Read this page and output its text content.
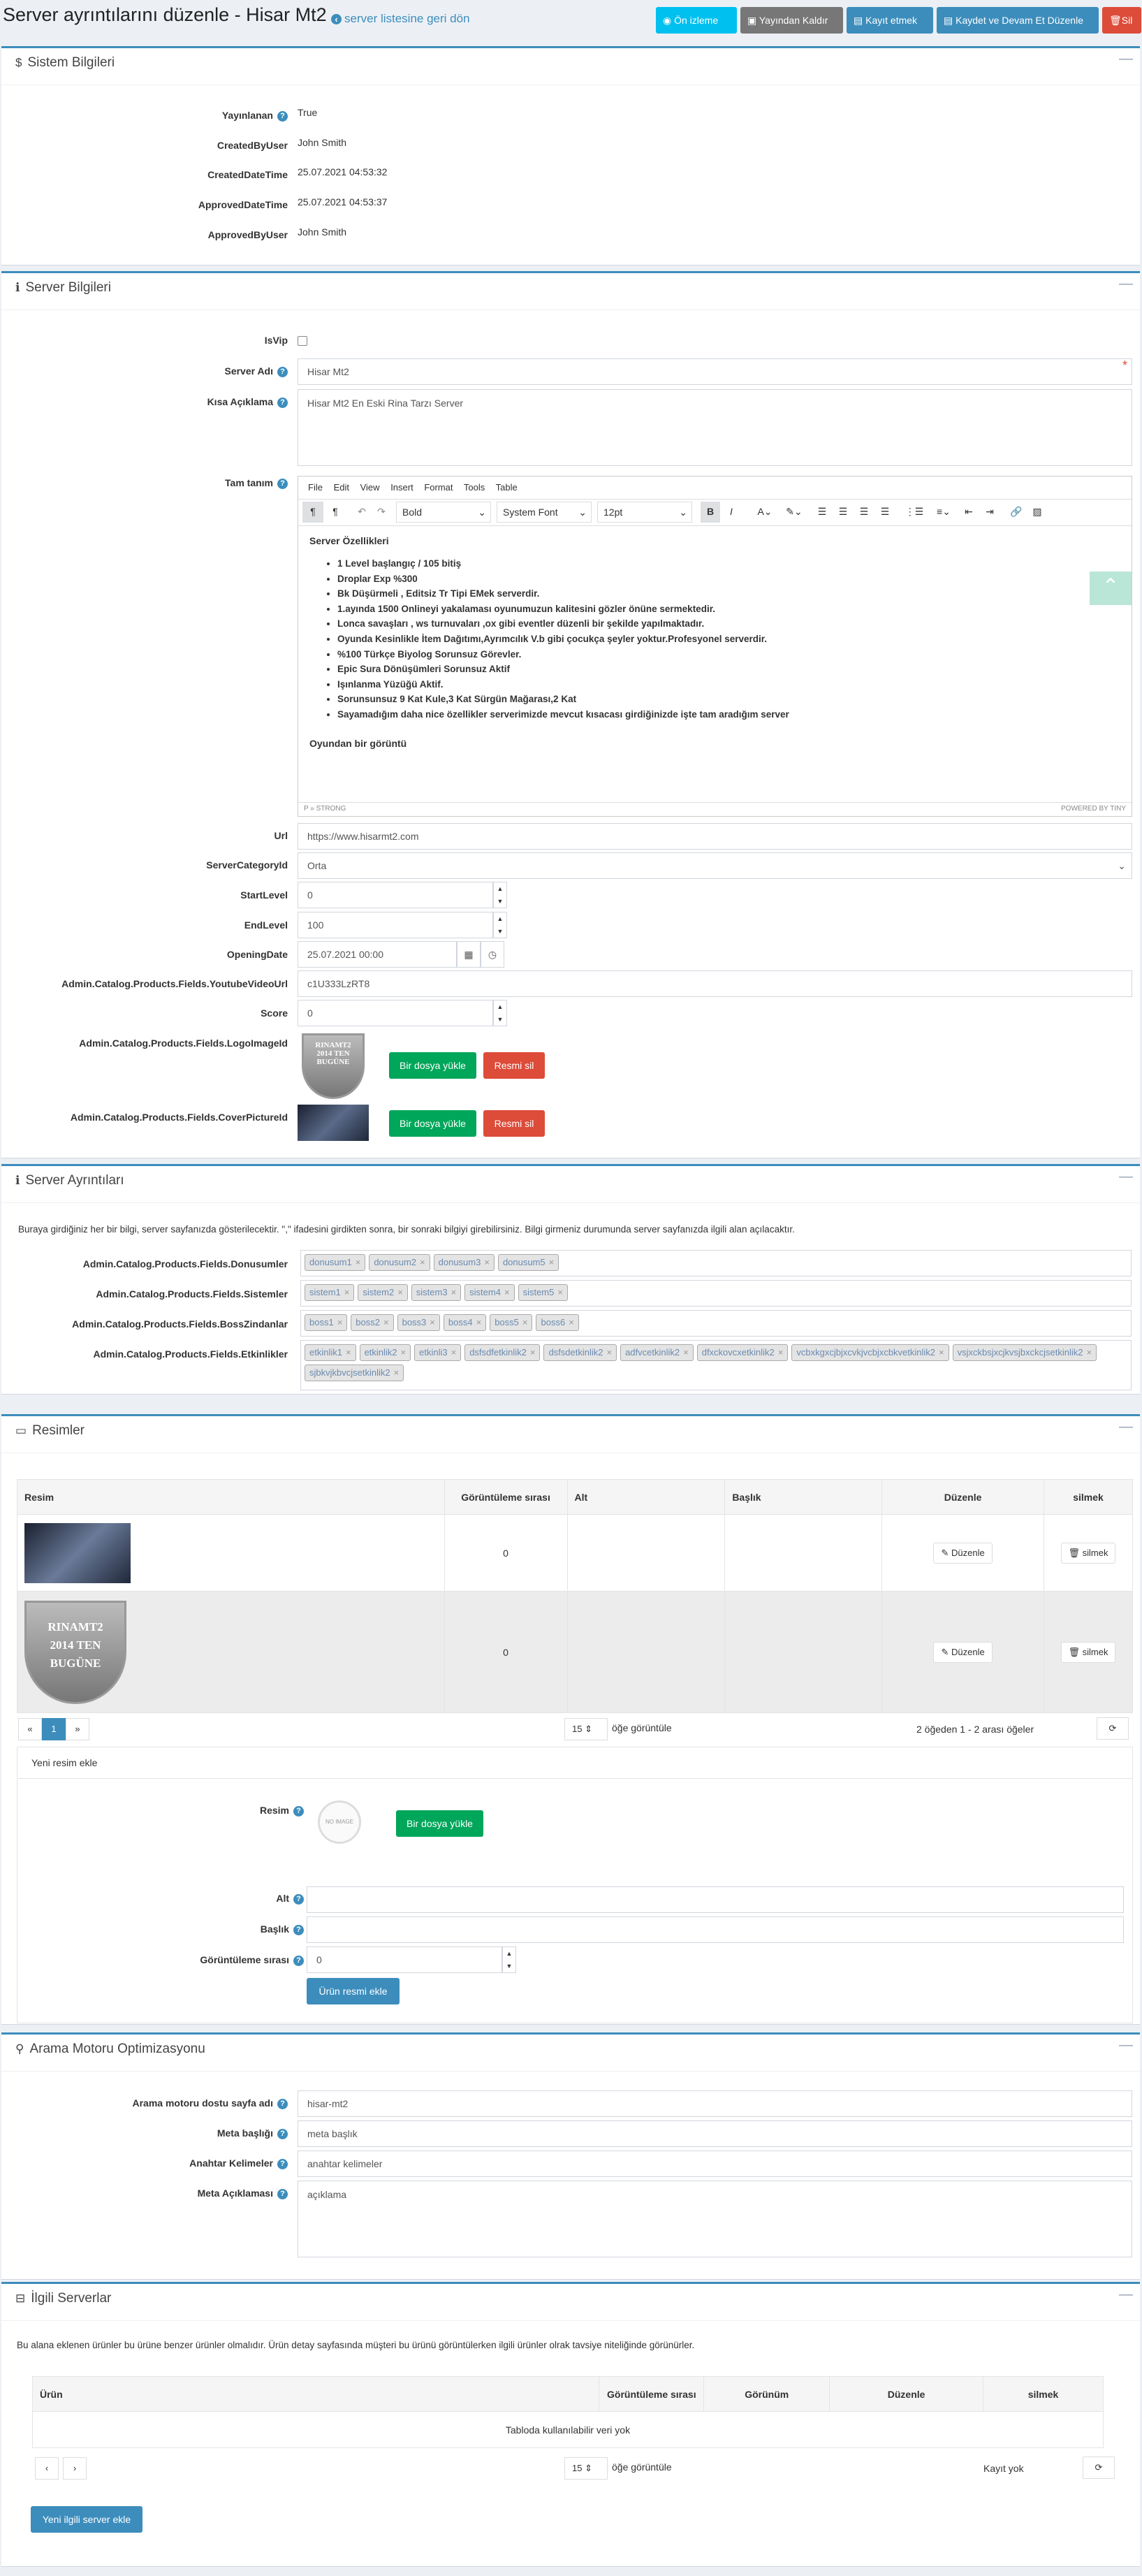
Server ayrıntılarını düzenle - Hisar Mt2 ‹ server listesine geri dön	◉ Ön izleme	▣ Yayından Kaldır	▤ Kayıt etmek	▤ Kaydet ve Devam Et Düzenle	🗑Sil
$ Sistem Bilgileri	—
Yayınlanan ? True
CreatedByUser John Smith
CreatedDateTime 25.07.2021 04:53:32
ApprovedDateTime 25.07.2021 04:53:37
ApprovedByUser John Smith
ℹ Server Bilgileri	—
IsVip
Server Adı ?	Hisar Mt2	*
Kısa Açıklama ?	Hisar Mt2 En Eski Rina Tarzı Server
Tam tanım ?	File Edit View Insert Format Tools Table
¶	¶	↶	↷	Bold	⌄	System Font ⌄	12pt	⌄	B	I	A⌄	✎⌄	☰	☰	☰	☰	⋮☰	≡⌄	⇤	⇥	🔗	▨
Server Özellikleri
• 1 Level başlangıç / 105 bitiş
• Droplar Exp %300
• Bk Düşürmeli , Editsiz Tr Tipi EMek serverdir.
• 1.ayında 1500 Onlineyi yakalaması oyunumuzun kalitesini gözler önüne sermektedir.
• Lonca savaşları , ws turnuvaları ,ox gibi eventler düzenli bir şekilde yapılmaktadır.
• Oyunda Kesinlikle İtem Dağıtımı,Ayrımcılık V.b gibi çocukça şeyler yoktur.Profesyonel serverdir.
• %100 Türkçe Biyolog Sorunsuz Görevler.
• Epic Sura Dönüşümleri Sorunsuz Aktif
• Işınlanma Yüzüğü Aktif.
• Sorunsunsuz 9 Kat Kule,3 Kat Sürgün Mağarası,2 Kat
• Sayamadığım daha nice özellikler serverimizde mevcut kısacası girdiğinizde işte tam aradığım server
Oyundan bir görüntü
⌃
P » STRONG	POWERED BY TINY
Url	https://www.hisarmt2.com
ServerCategoryId	Orta	⌄
StartLevel	0
▲
▼
EndLevel	100
▲
▼
OpeningDate	25.07.2021 00:00	▦	◷
Admin.Catalog.Products.Fields.YoutubeVideoUrl	c1U333LzRT8
Score	0
▲
▼
Admin.Catalog.Products.Fields.LogoImageId	RINAMT2
2014 TEN
BUGÜNE	Bir dosya yükle	Resmi sil
Admin.Catalog.Products.Fields.CoverPictureId
Bir dosya yükle	Resmi sil
ℹ Server Ayrıntıları	—
Buraya girdiğiniz her bir bilgi, server sayfanızda gösterilecektir. "," ifadesini girdikten sonra, bir sonraki bilgiyi girebilirsiniz. Bilgi girmeniz durumunda server sayfanızda ilgili alan açılacaktır.
Admin.Catalog.Products.Fields.Donusumler	donusum1 × donusum2 × donusum3 × donusum5 ×
Admin.Catalog.Products.Fields.Sistemler	sistem1 × sistem2 × sistem3 × sistem4 × sistem5 ×
Admin.Catalog.Products.Fields.BossZindanlar	boss1 × boss2 × boss3 × boss4 × boss5 × boss6 ×
Admin.Catalog.Products.Fields.Etkinlikler	etkinlik1 × etkinlik2 × etkinli3 × dsfsdfetkinlik2 × dsfsdetkinlik2 × adfvcetkinlik2 × dfxckovcxetkinlik2 × vcbxkgxcjbjxcvkjvcbjxcbkvetkinlik2 × vsjxckbsjxcjkvsjbxckcjsetkinlik2 ×sjbkvjkbvcjsetkinlik2 ×
▭ Resimler	—
Resim	Görüntüleme sırası	Alt	Başlık	Düzenle	silmek

	0			✎ Düzenle	🗑 silmek

RINAMT2
2014 TEN
BUGÜNE	0			✎ Düzenle	🗑 silmek
«	1	»	15 ⇕	öğe görüntüle	2 öğeden 1 - 2 arası öğeler	⟳
Yeni resim ekle
Resim ?
NO IMAGE	Bir dosya yükle
Alt ?
Başlık ?
Görüntüleme sırası ?	0
▲
▼
Ürün resmi ekle
⚲ Arama Motoru Optimizasyonu	—
Arama motoru dostu sayfa adı ?	hisar-mt2
Meta başlığı ?	meta başlık
Anahtar Kelimeler ?	anahtar kelimeler
Meta Açıklaması ?	açıklama
⊟ İlgili Serverlar	—
Bu alana eklenen ürünler bu ürüne benzer ürünler olmalıdır. Ürün detay sayfasında müşteri bu ürünü görüntülerken ilgili ürünler olrak tavsiye niteliğinde görünürler.
Ürün	Görüntüleme sırası	Görünüm	Düzenle	silmek
Tabloda kullanılabilir veri yok
‹	›	15 ⇕	öğe görüntüle	Kayıt yok	⟳
Yeni ilgili server ekle
